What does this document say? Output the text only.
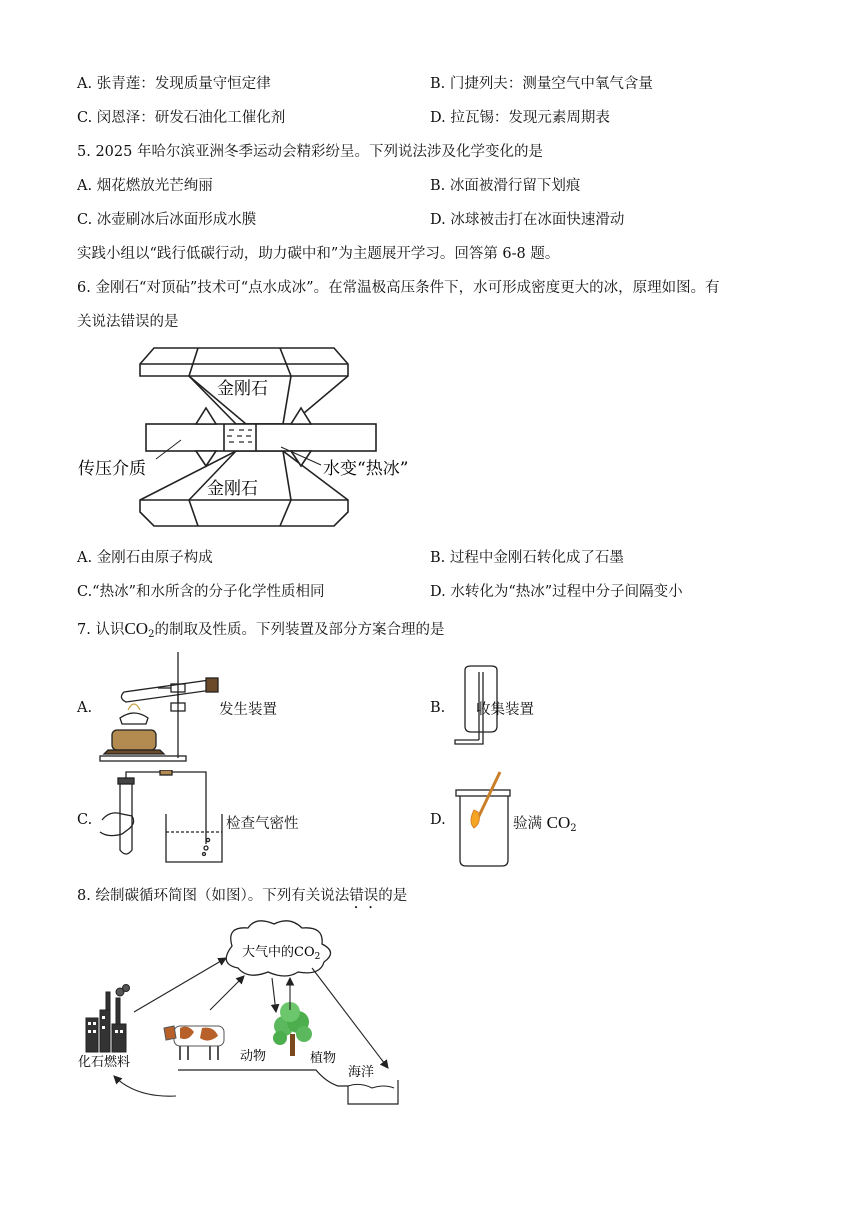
A. 张青莲：发现质量守恒定律	B. 门捷列夫：测量空气中氧气含量
C. 闵恩泽：研发石油化工催化剂	D. 拉瓦锡：发现元素周期表
5. 2025 年哈尔滨亚洲冬季运动会精彩纷呈。下列说法涉及化学变化的是
A. 烟花燃放光芒绚丽	B. 冰面被滑行留下划痕
C. 冰壶刷冰后冰面形成水膜	D. 冰球被击打在冰面快速滑动
实践小组以“践行低碳行动，助力碳中和”为主题展开学习。回答第 6-8 题。
6. 金刚石“对顶砧”技术可“点水成冰”。在常温极高压条件下，水可形成密度更大的冰，原理如图。有
关说法错误的是
金刚石
金刚石
传压介质	水变“热冰”
A. 金刚石由原子构成	B. 过程中金刚石转化成了石墨
C.“热冰”和水所含的分子化学性质相同	D. 水转化为“热冰”过程中分子间隔变小
7. 认识$CO_2$的制取及性质。下列装置及部分方案合理的是
A.	发生装置	B. 收集装置
C.	检查气密性	D.	验满 $CO_2$
8. 绘制碳循环简图（如图）。下列有关说法错误的是
大气中的$CO_2$
化石燃料	动物	植物
海洋
